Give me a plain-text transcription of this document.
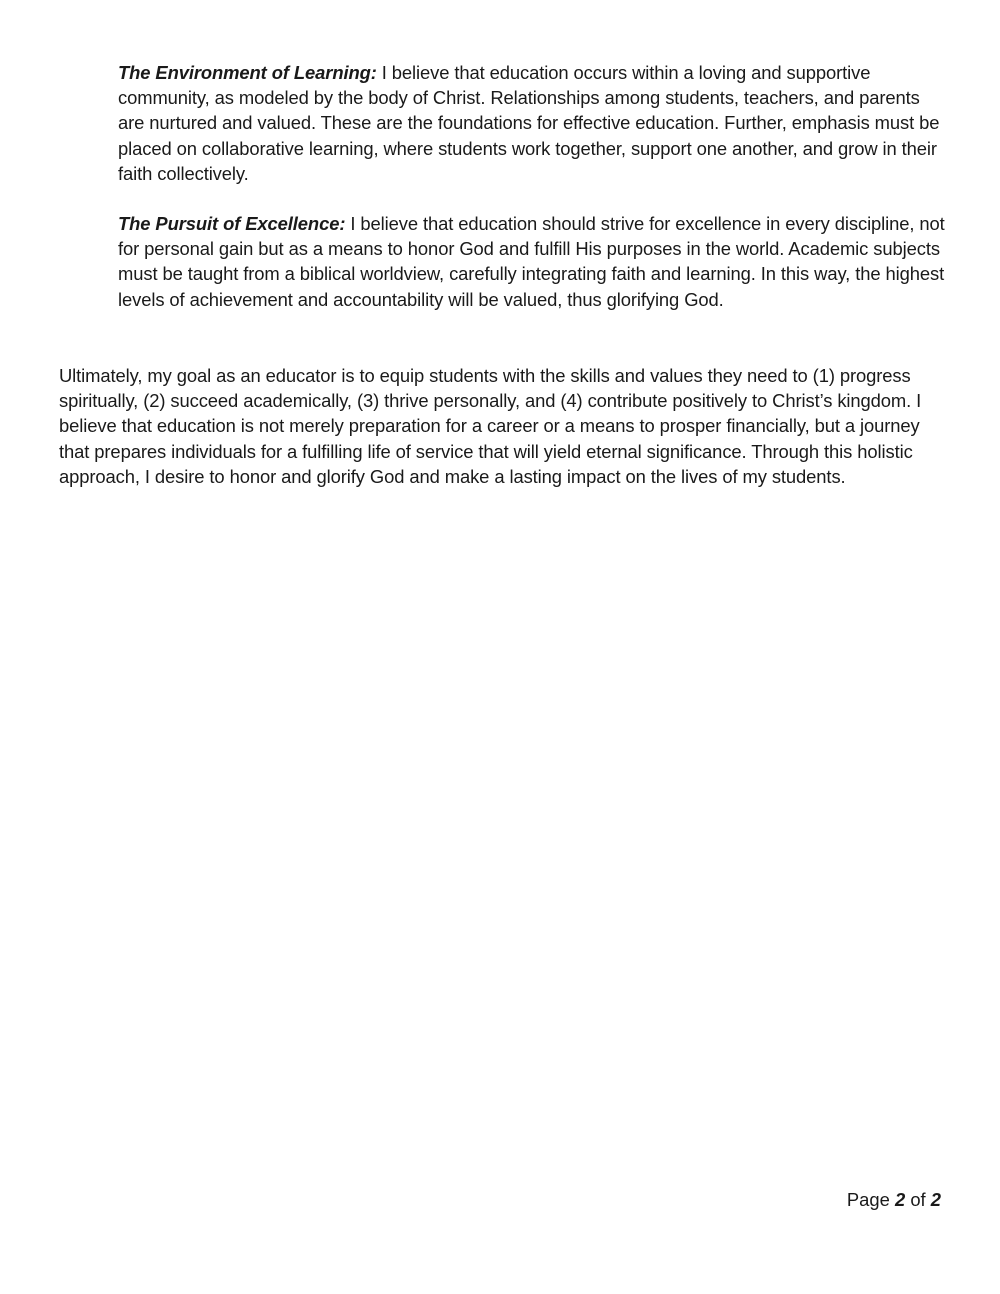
The Environment of Learning: I believe that education occurs within a loving and supportive community, as modeled by the body of Christ. Relationships among students, teachers, and parents are nurtured and valued. These are the foundations for effective education. Further, emphasis must be placed on collaborative learning, where students work together, support one another, and grow in their faith collectively.

The Pursuit of Excellence: I believe that education should strive for excellence in every discipline, not for personal gain but as a means to honor God and fulfill His purposes in the world. Academic subjects must be taught from a biblical worldview, carefully integrating faith and learning. In this way, the highest levels of achievement and accountability will be valued, thus glorifying God.

Ultimately, my goal as an educator is to equip students with the skills and values they need to (1) progress spiritually, (2) succeed academically, (3) thrive personally, and (4) contribute positively to Christ’s kingdom. I believe that education is not merely preparation for a career or a means to prosper financially, but a journey that prepares individuals for a fulfilling life of service that will yield eternal significance. Through this holistic approach, I desire to honor and glorify God and make a lasting impact on the lives of my students.

Page 2 of 2
